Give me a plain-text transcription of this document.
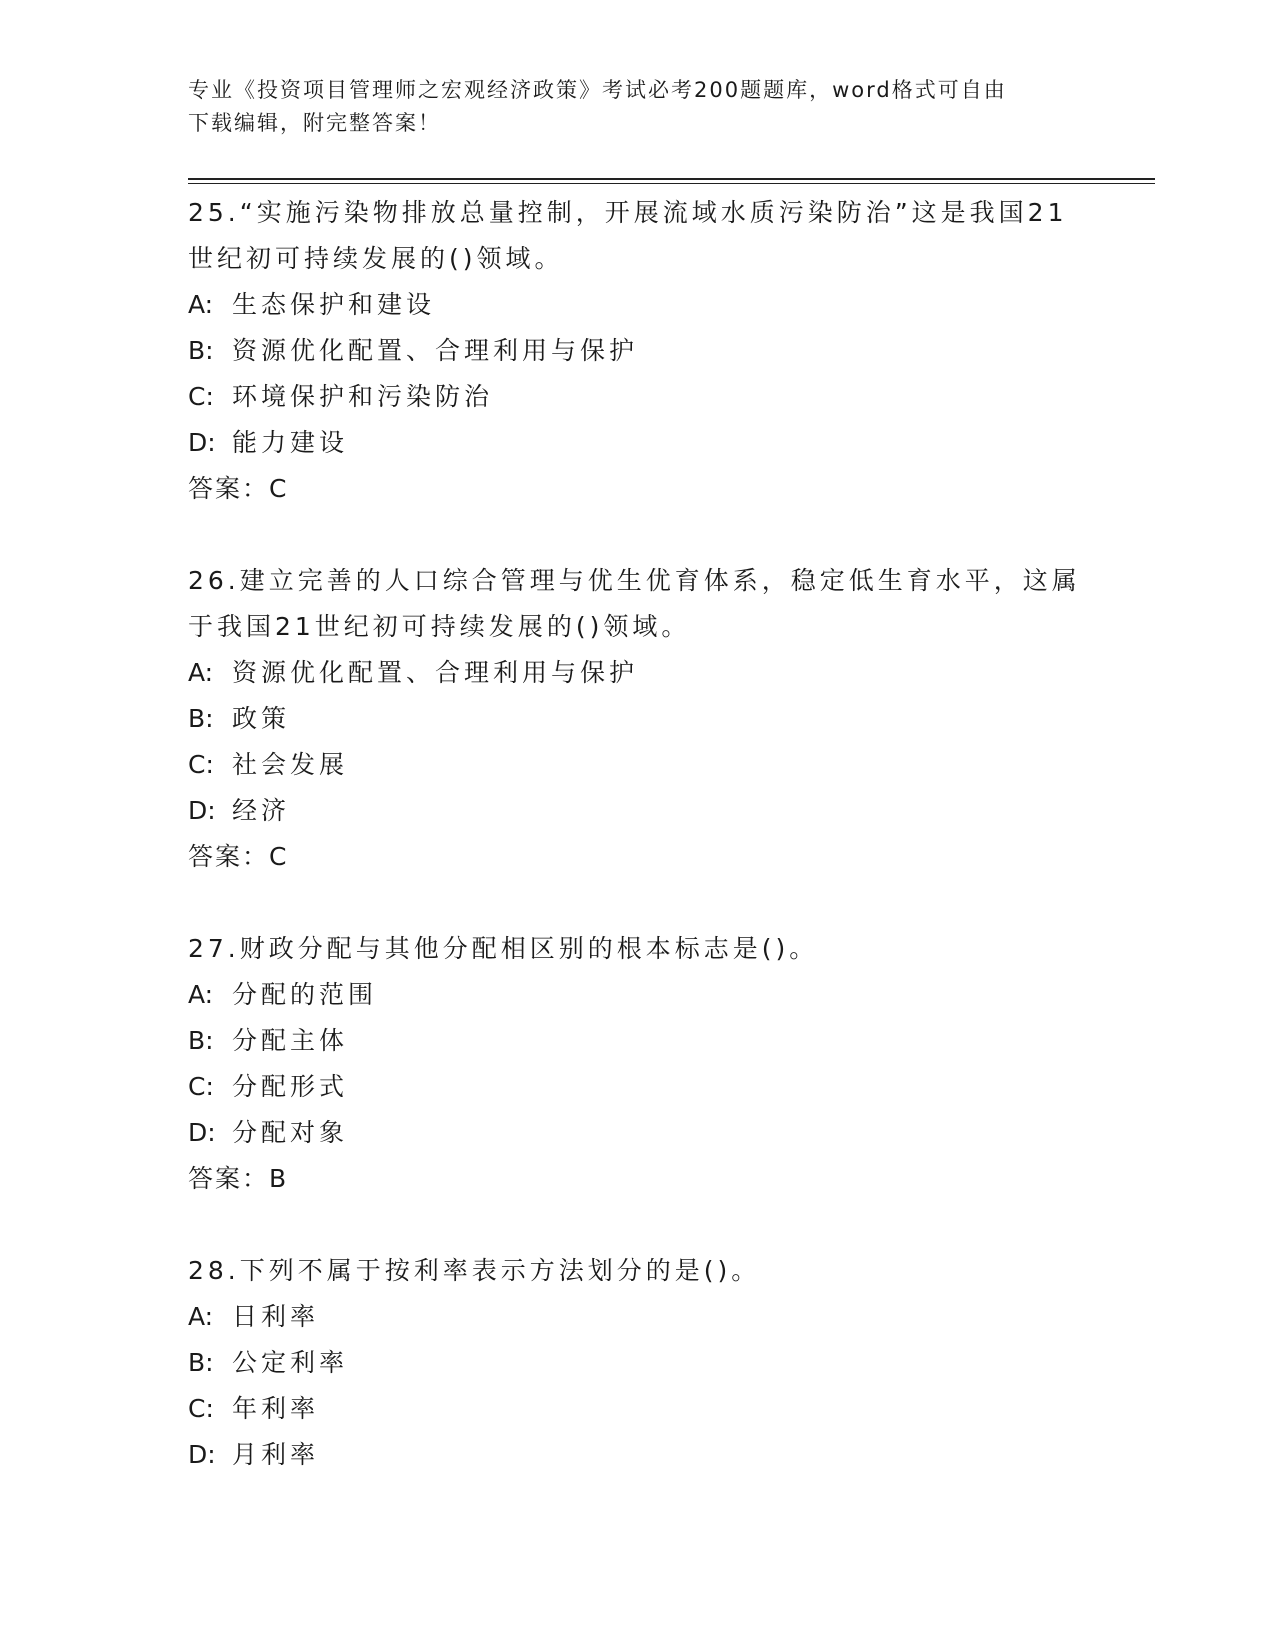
专业《投资项目管理师之宏观经济政策》考试必考200题题库，word格式可自由
下载编辑，附完整答案！

25.“实施污染物排放总量控制，开展流域水质污染防治”这是我国21
世纪初可持续发展的()领域。

A: 生态保护和建设

B: 资源优化配置、合理利用与保护

C: 环境保护和污染防治

D: 能力建设

答案：C

26.建立完善的人口综合管理与优生优育体系，稳定低生育水平，这属
于我国21世纪初可持续发展的()领域。

A: 资源优化配置、合理利用与保护

B: 政策

C: 社会发展

D: 经济

答案：C

27.财政分配与其他分配相区别的根本标志是()。

A: 分配的范围

B: 分配主体

C: 分配形式

D: 分配对象

答案：B

28.下列不属于按利率表示方法划分的是()。

A: 日利率

B: 公定利率

C: 年利率

D: 月利率
